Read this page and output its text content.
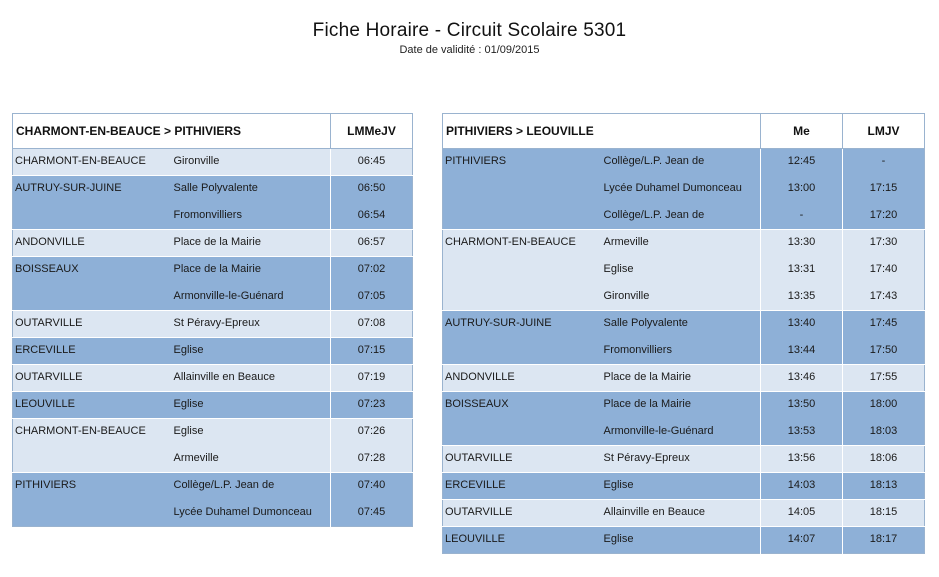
Fiche Horaire - Circuit Scolaire 5301
Date de validité : 01/09/2015
CHARMONT-EN-BEAUCE > PITHIVIERS		LMMeJV
CHARMONT-EN-BEAUCE	Gironville	06:45
AUTRUY-SUR-JUINE	Salle Polyvalente	06:50
	Fromonvilliers	06:54
ANDONVILLE	Place de la Mairie	06:57
BOISSEAUX	Place de la Mairie	07:02
	Armonville-le-Guénard	07:05
OUTARVILLE	St Péravy-Epreux	07:08
ERCEVILLE	Eglise	07:15
OUTARVILLE	Allainville en Beauce	07:19
LEOUVILLE	Eglise	07:23
CHARMONT-EN-BEAUCE	Eglise	07:26
	Armeville	07:28
PITHIVIERS	Collège/L.P. Jean de	07:40
	Lycée Duhamel Dumonceau	07:45
PITHIVIERS > LEOUVILLE		Me	LMJV
PITHIVIERS	Collège/L.P. Jean de	12:45	-
	Lycée Duhamel Dumonceau	13:00	17:15
	Collège/L.P. Jean de	-	17:20
CHARMONT-EN-BEAUCE	Armeville	13:30	17:30
	Eglise	13:31	17:40
	Gironville	13:35	17:43
AUTRUY-SUR-JUINE	Salle Polyvalente	13:40	17:45
	Fromonvilliers	13:44	17:50
ANDONVILLE	Place de la Mairie	13:46	17:55
BOISSEAUX	Place de la Mairie	13:50	18:00
	Armonville-le-Guénard	13:53	18:03
OUTARVILLE	St Péravy-Epreux	13:56	18:06
ERCEVILLE	Eglise	14:03	18:13
OUTARVILLE	Allainville en Beauce	14:05	18:15
LEOUVILLE	Eglise	14:07	18:17
